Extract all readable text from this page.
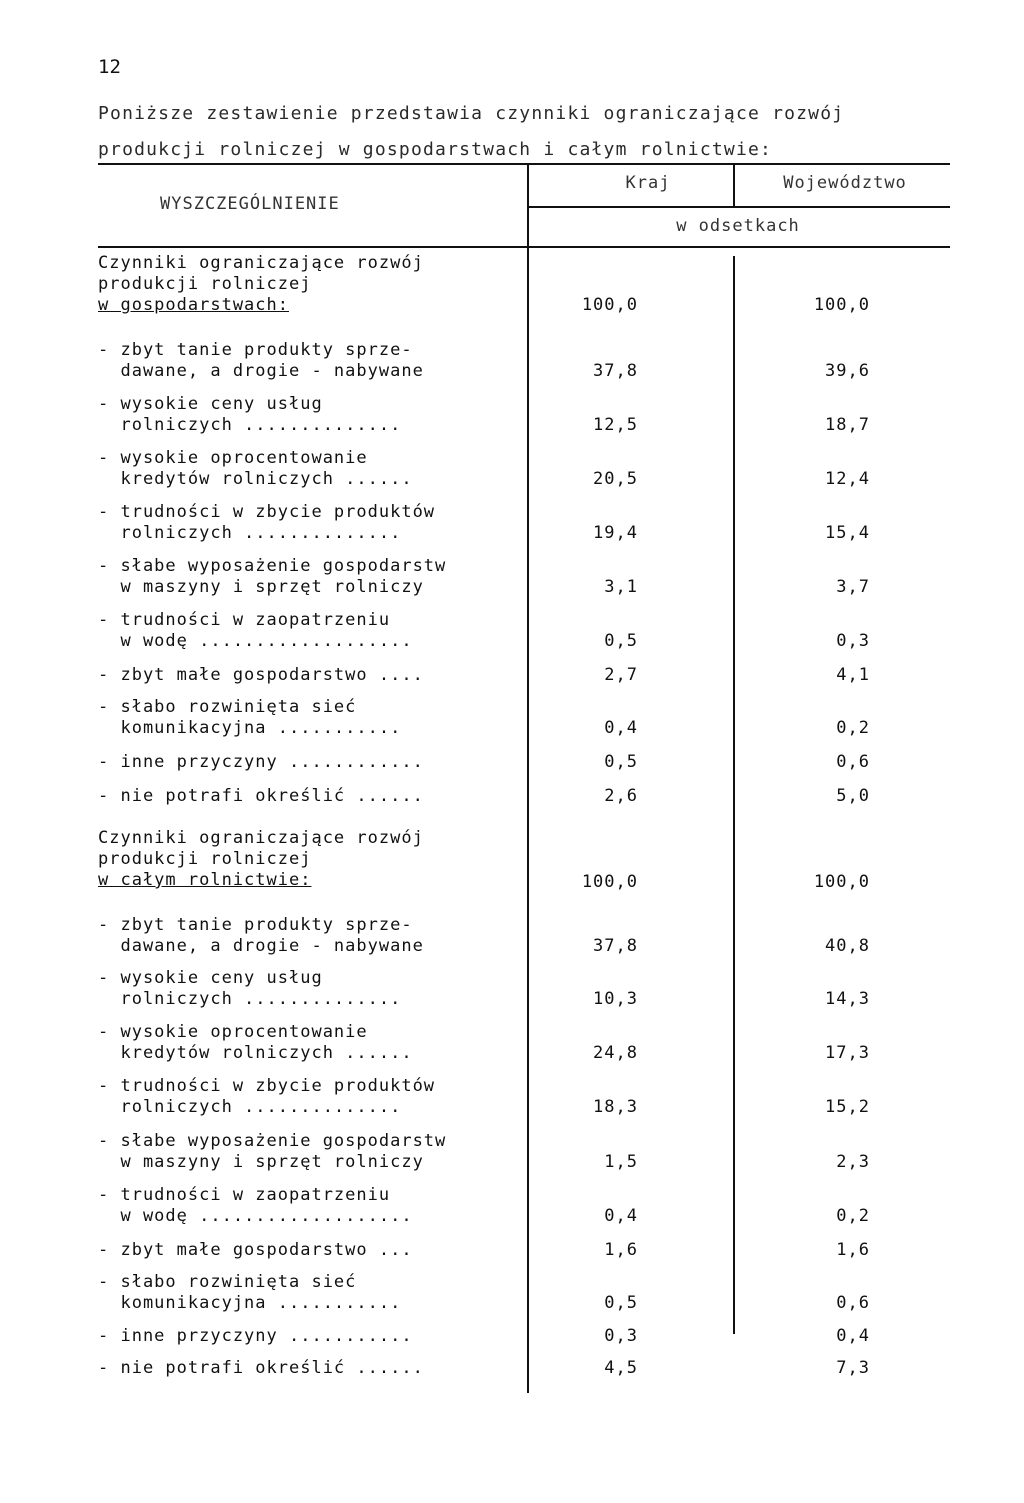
12
Poniższe zestawienie przedstawia czynniki ograniczające rozwój produkcji rolniczej w gospodarstwach i całym rolnictwie:
WYSZCZEGÓLNIENIE
Kraj	Województwo
w odsetkach
Czynniki ograniczające rozwój
produkcji rolniczej
w gospodarstwach:	100,0	100,0
- zbyt tanie produkty sprze-
dawane, a drogie - nabywane	37,8	39,6
- wysokie ceny usług
rolniczych ..............	12,5	18,7
- wysokie oprocentowanie
kredytów rolniczych ......	20,5	12,4
- trudności w zbycie produktów
rolniczych ..............	19,4	15,4
- słabe wyposażenie gospodarstw
w maszyny i sprzęt rolniczy	3,1	3,7
- trudności w zaopatrzeniu
w wodę ...................	0,5	0,3
- zbyt małe gospodarstwo ....	2,7	4,1
- słabo rozwinięta sieć
komunikacyjna ...........	0,4	0,2
- inne przyczyny ............	0,5	0,6
- nie potrafi określić ......	2,6	5,0
Czynniki ograniczające rozwój
produkcji rolniczej
w całym rolnictwie:	100,0	100,0
- zbyt tanie produkty sprze-
dawane, a drogie - nabywane	37,8	40,8
- wysokie ceny usług
rolniczych ..............	10,3	14,3
- wysokie oprocentowanie
kredytów rolniczych ......	24,8	17,3
- trudności w zbycie produktów
rolniczych ..............	18,3	15,2
- słabe wyposażenie gospodarstw
w maszyny i sprzęt rolniczy	1,5	2,3
- trudności w zaopatrzeniu
w wodę ...................	0,4	0,2
- zbyt małe gospodarstwo ...	1,6	1,6
- słabo rozwinięta sieć
komunikacyjna ...........	0,5	0,6
- inne przyczyny ...........	0,3	0,4
- nie potrafi określić ......	4,5	7,3
